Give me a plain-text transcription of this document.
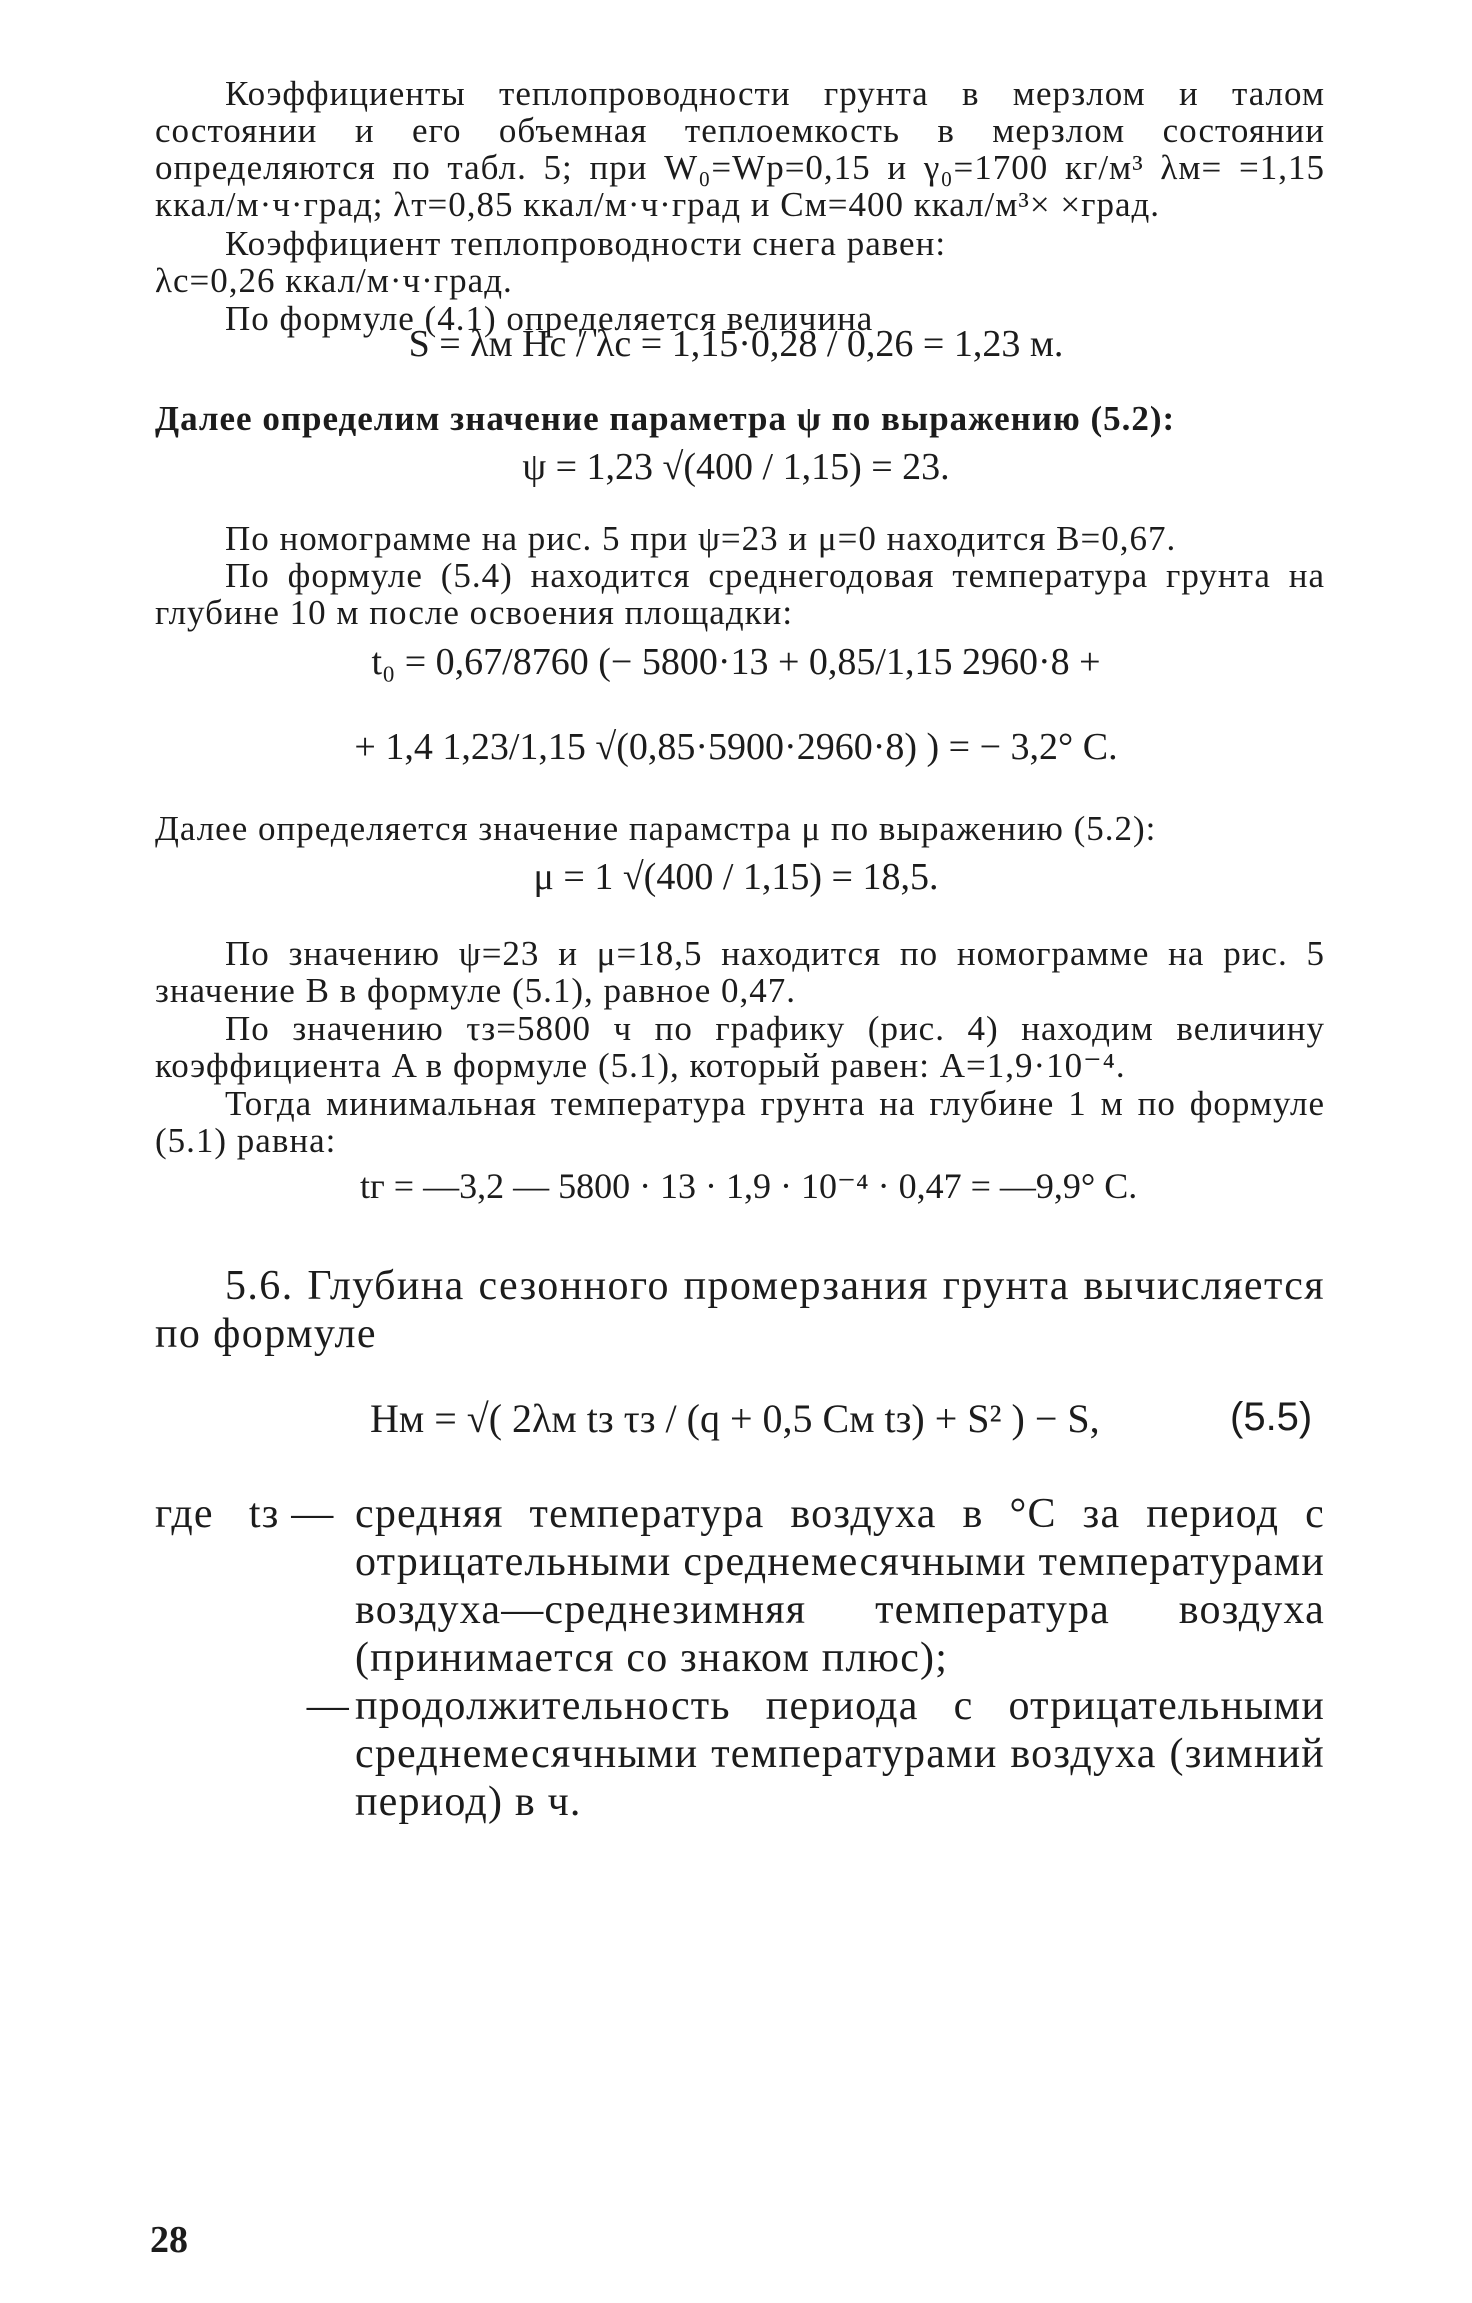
Коэффициенты теплопроводности грунта в мерзлом и талом состоянии и его объемная теплоемкость в мерзлом состоянии определяются по табл. 5; при W₀=Wр=0,15 и γ₀=1700 кг/м³ λм= =1,15 ккал/м·ч·град; λт=0,85 ккал/м·ч·град и Cм=400 ккал/м³× ×град.
Коэффициент теплопроводности снега равен:
λс=0,26 ккал/м·ч·град.
По формуле (4.1) определяется величина
S = λм Hс / λс = 1,15·0,28 / 0,26 = 1,23 м.
Далее определим значение параметра ψ по выражению (5.2):
ψ = 1,23 √(400 / 1,15) = 23.
По номограмме на рис. 5 при ψ=23 и μ=0 находится B=0,67.
По формуле (5.4) находится среднегодовая температура грунта на глубине 10 м после освоения площадки:
t₀ = 0,67/8760 (− 5800·13 + 0,85/1,15 2960·8 +
+ 1,4 1,23/1,15 √(0,85·5900·2960·8) ) = − 3,2° C.
Далее определяется значение парамстра μ по выражению (5.2):
μ = 1 √(400 / 1,15) = 18,5.
По значению ψ=23 и μ=18,5 находится по номограмме на рис. 5 значение B в формуле (5.1), равное 0,47.
По значению τз=5800 ч по графику (рис. 4) находим величину коэффициента A в формуле (5.1), который равен: A=1,9·10⁻⁴.
Тогда минимальная температура грунта на глубине 1 м по формуле (5.1) равна:
tг = —3,2 — 5800 · 13 · 1,9 · 10⁻⁴ · 0,47 = —9,9° C.
5.6. Глубина сезонного промерзания грунта вычисляется по формуле
Hм = √( 2λм tз τз / (q + 0,5 Cм tз) + S² ) − S,	(5.5)
где tз — средняя температура воздуха в °С за период с отрицательными среднемесячными температурами воздуха—среднезимняя температура воздуха (принимается со знаком плюс);
— продолжительность периода с отрицательными среднемесячными температурами воздуха (зимний период) в ч.
28
